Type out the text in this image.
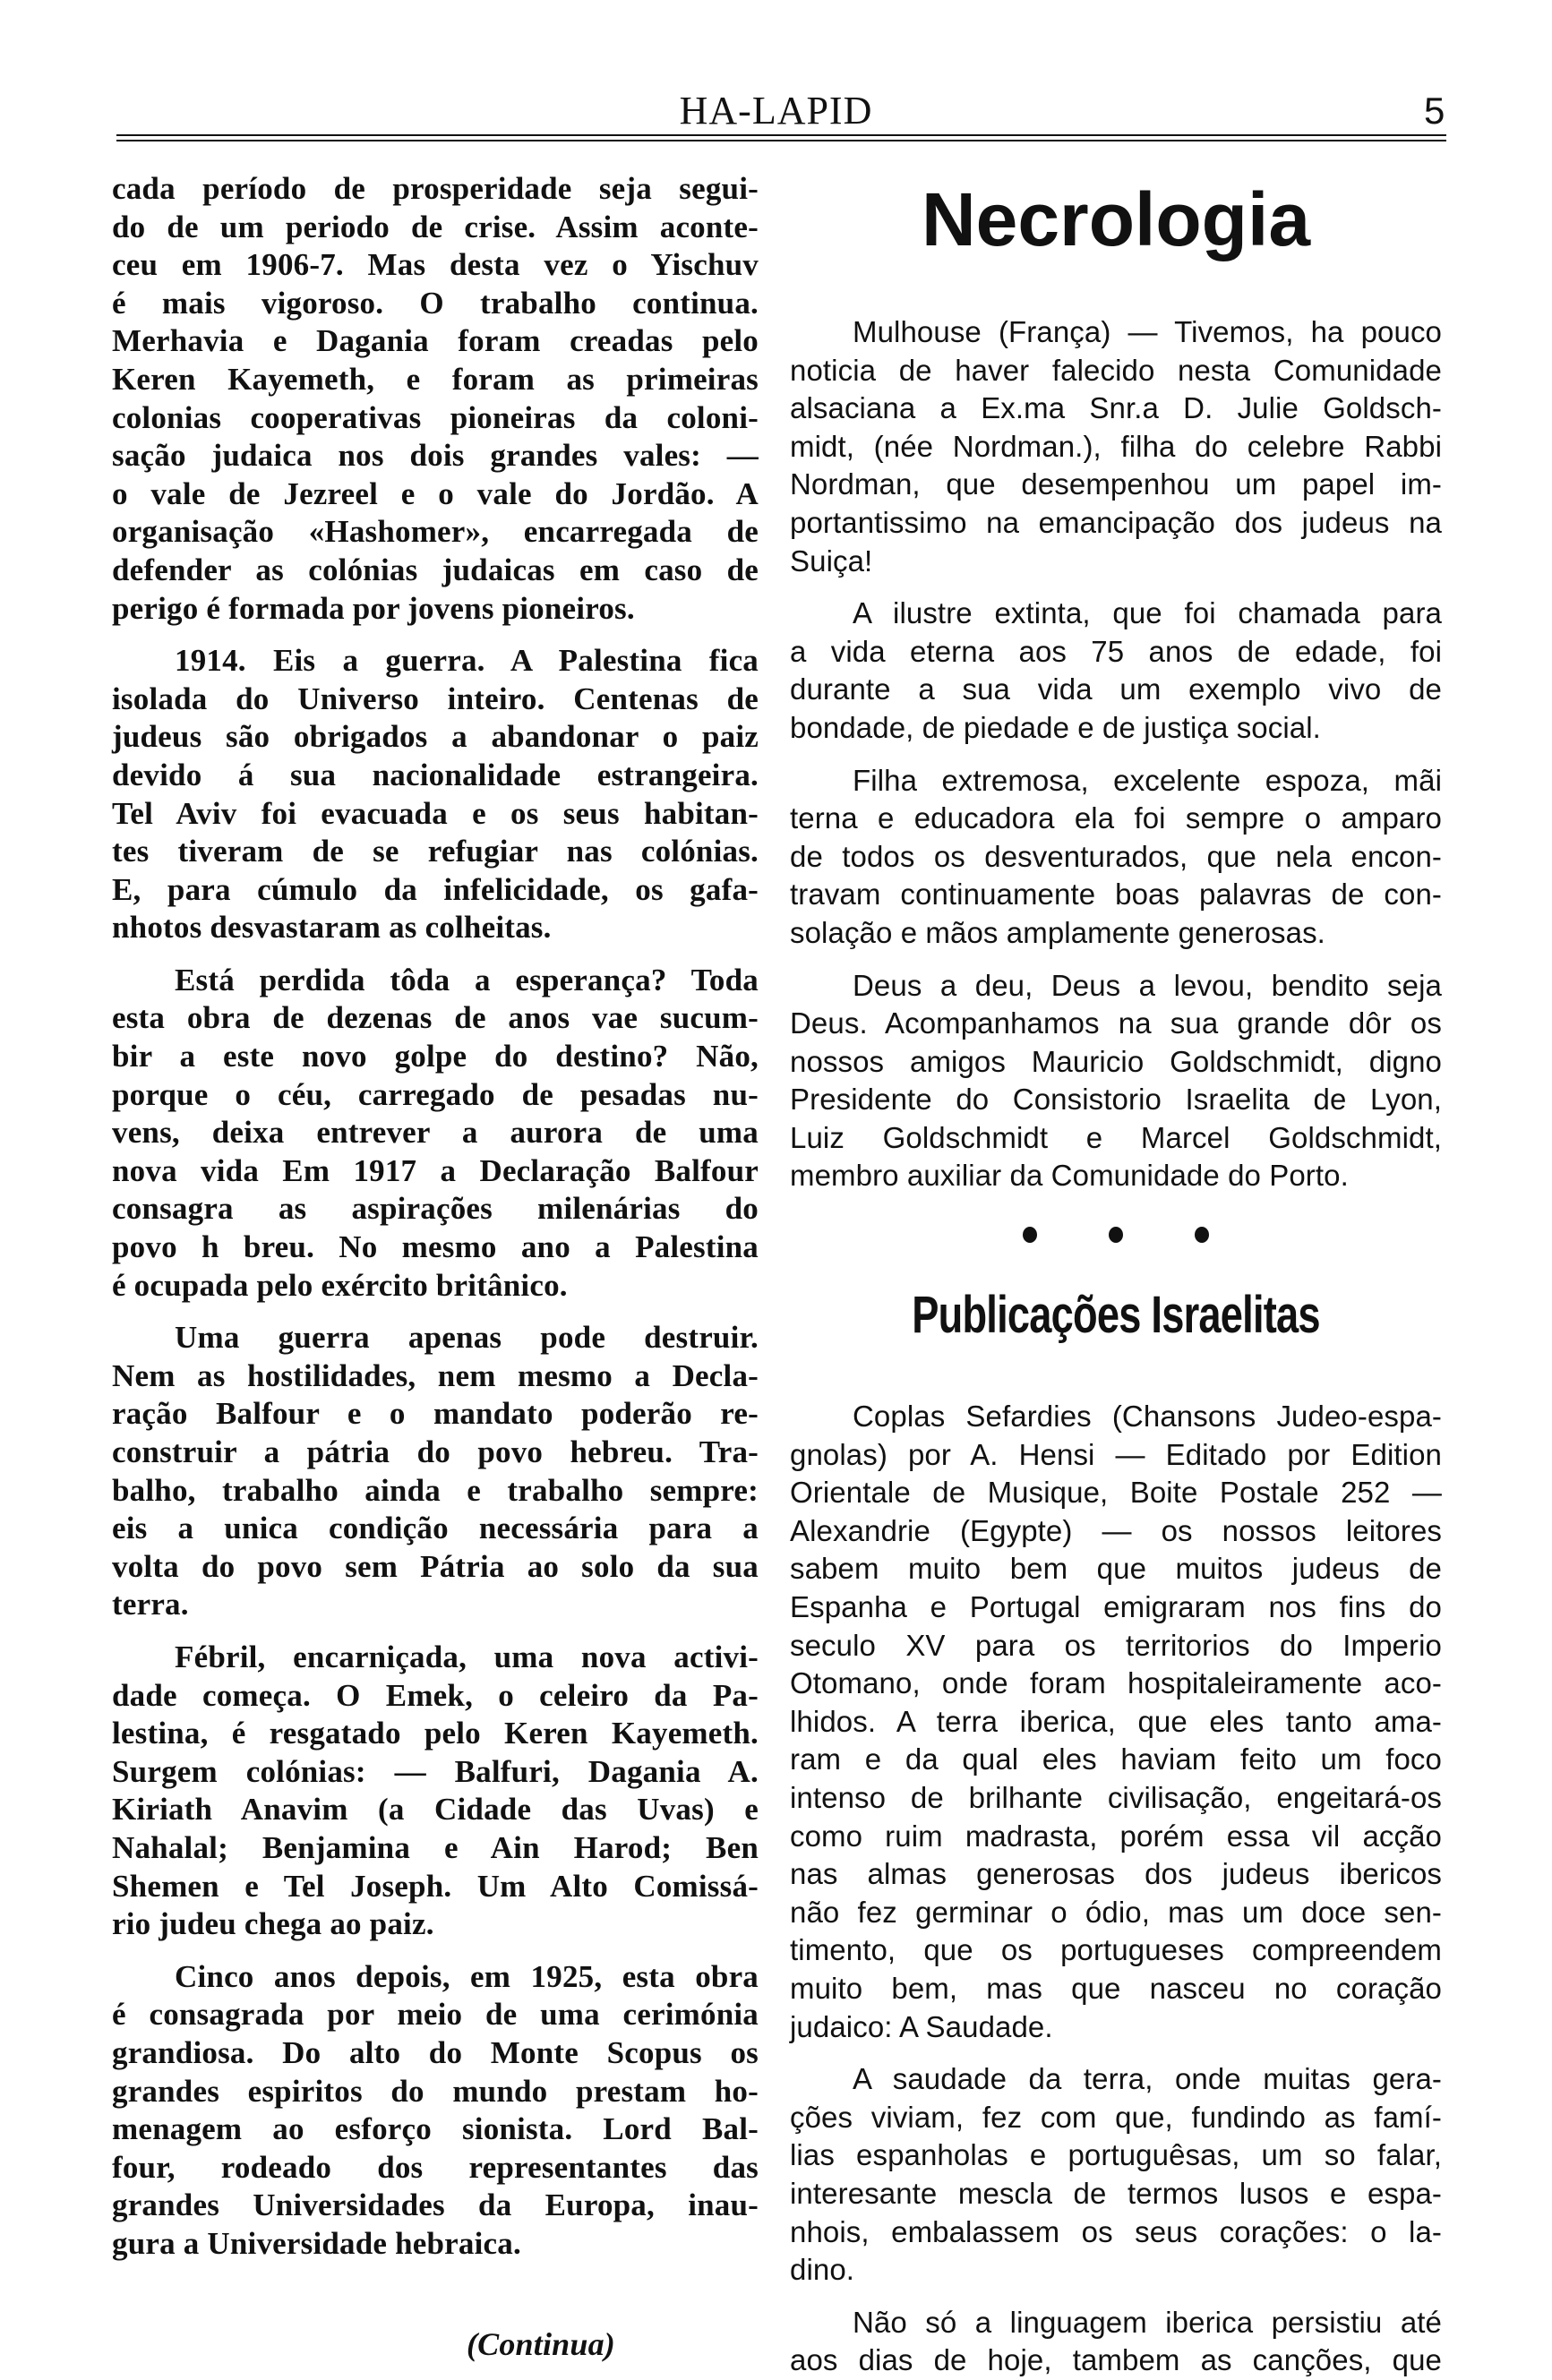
HA-LAPID	5
cada período de prosperidade seja segui-
do de um periodo de crise. Assim aconte-
ceu em 1906-7. Mas desta vez o Yischuv
é mais vigoroso. O trabalho continua.
Merhavia e Dagania foram creadas pelo
Keren Kayemeth, e foram as primeiras
colonias cooperativas pioneiras da coloni-
sação judaica nos dois grandes vales: —
o vale de Jezreel e o vale do Jordão. A
organisação «Hashomer», encarregada de
defender as colónias judaicas em caso de
perigo é formada por jovens pioneiros.
1914. Eis a guerra. A Palestina fica
isolada do Universo inteiro. Centenas de
judeus são obrigados a abandonar o paiz
devido á sua nacionalidade estrangeira.
Tel Aviv foi evacuada e os seus habitan-
tes tiveram de se refugiar nas colónias.
E, para cúmulo da infelicidade, os gafa-
nhotos desvastaram as colheitas.
Está perdida tôda a esperança? Toda
esta obra de dezenas de anos vae sucum-
bir a este novo golpe do destino? Não,
porque o céu, carregado de pesadas nu-
vens, deixa entrever a aurora de uma
nova vida Em 1917 a Declaração Balfour
consagra as aspirações milenárias do
povo h breu. No mesmo ano a Palestina
é ocupada pelo exército britânico.
Uma guerra apenas pode destruir.
Nem as hostilidades, nem mesmo a Decla-
ração Balfour e o mandato poderão re-
construir a pátria do povo hebreu. Tra-
balho, trabalho ainda e trabalho sempre:
eis a unica condição necessária para a
volta do povo sem Pátria ao solo da sua
terra.
Fébril, encarniçada, uma nova activi-
dade começa. O Emek, o celeiro da Pa-
lestina, é resgatado pelo Keren Kayemeth.
Surgem colónias: — Balfuri, Dagania A.
Kiriath Anavim (a Cidade das Uvas) e
Nahalal; Benjamina e Ain Harod; Ben
Shemen e Tel Joseph. Um Alto Comissá-
rio judeu chega ao paiz.
Cinco anos depois, em 1925, esta obra
é consagrada por meio de uma cerimónia
grandiosa. Do alto do Monte Scopus os
grandes espiritos do mundo prestam ho-
menagem ao esforço sionista. Lord Bal-
four, rodeado dos representantes das
grandes Universidades da Europa, inau-
gura a Universidade hebraica.
(Continua)
Necrologia
Mulhouse (França) — Tivemos, ha pouco
noticia de haver falecido nesta Comunidade
alsaciana a Ex.ma Snr.a D. Julie Goldsch-
midt, (née Nordman.), filha do celebre Rabbi
Nordman, que desempenhou um papel im-
portantissimo na emancipação dos judeus na
Suiça!
A ilustre extinta, que foi chamada para
a vida eterna aos 75 anos de edade, foi
durante a sua vida um exemplo vivo de
bondade, de piedade e de justiça social.
Filha extremosa, excelente espoza, mãi
terna e educadora ela foi sempre o amparo
de todos os desventurados, que nela encon-
travam continuamente boas palavras de con-
solação e mãos amplamente generosas.
Deus a deu, Deus a levou, bendito seja
Deus. Acompanhamos na sua grande dôr os
nossos amigos Mauricio Goldschmidt, digno
Presidente do Consistorio Israelita de Lyon,
Luiz Goldschmidt e Marcel Goldschmidt,
membro auxiliar da Comunidade do Porto.
Publicações Israelitas
Coplas Sefardies (Chansons Judeo-espa-
gnolas) por A. Hensi — Editado por Edition
Orientale de Musique, Boite Postale 252 —
Alexandrie (Egypte) — os nossos leitores
sabem muito bem que muitos judeus de
Espanha e Portugal emigraram nos fins do
seculo XV para os territorios do Imperio
Otomano, onde foram hospitaleiramente aco-
lhidos. A terra iberica, que eles tanto ama-
ram e da qual eles haviam feito um foco
intenso de brilhante civilisação, engeitará-os
como ruim madrasta, porém essa vil acção
nas almas generosas dos judeus ibericos
não fez germinar o ódio, mas um doce sen-
timento, que os portugueses compreendem
muito bem, mas que nasceu no coração
judaico: A Saudade.
A saudade da terra, onde muitas gera-
ções viviam, fez com que, fundindo as famí-
lias espanholas e portuguêsas, um so falar,
interesante mescla de termos lusos e espa-
nhois, embalassem os seus corações: o la-
dino.
Não só a linguagem iberica persistiu até
aos dias de hoje, tambem as canções, que
